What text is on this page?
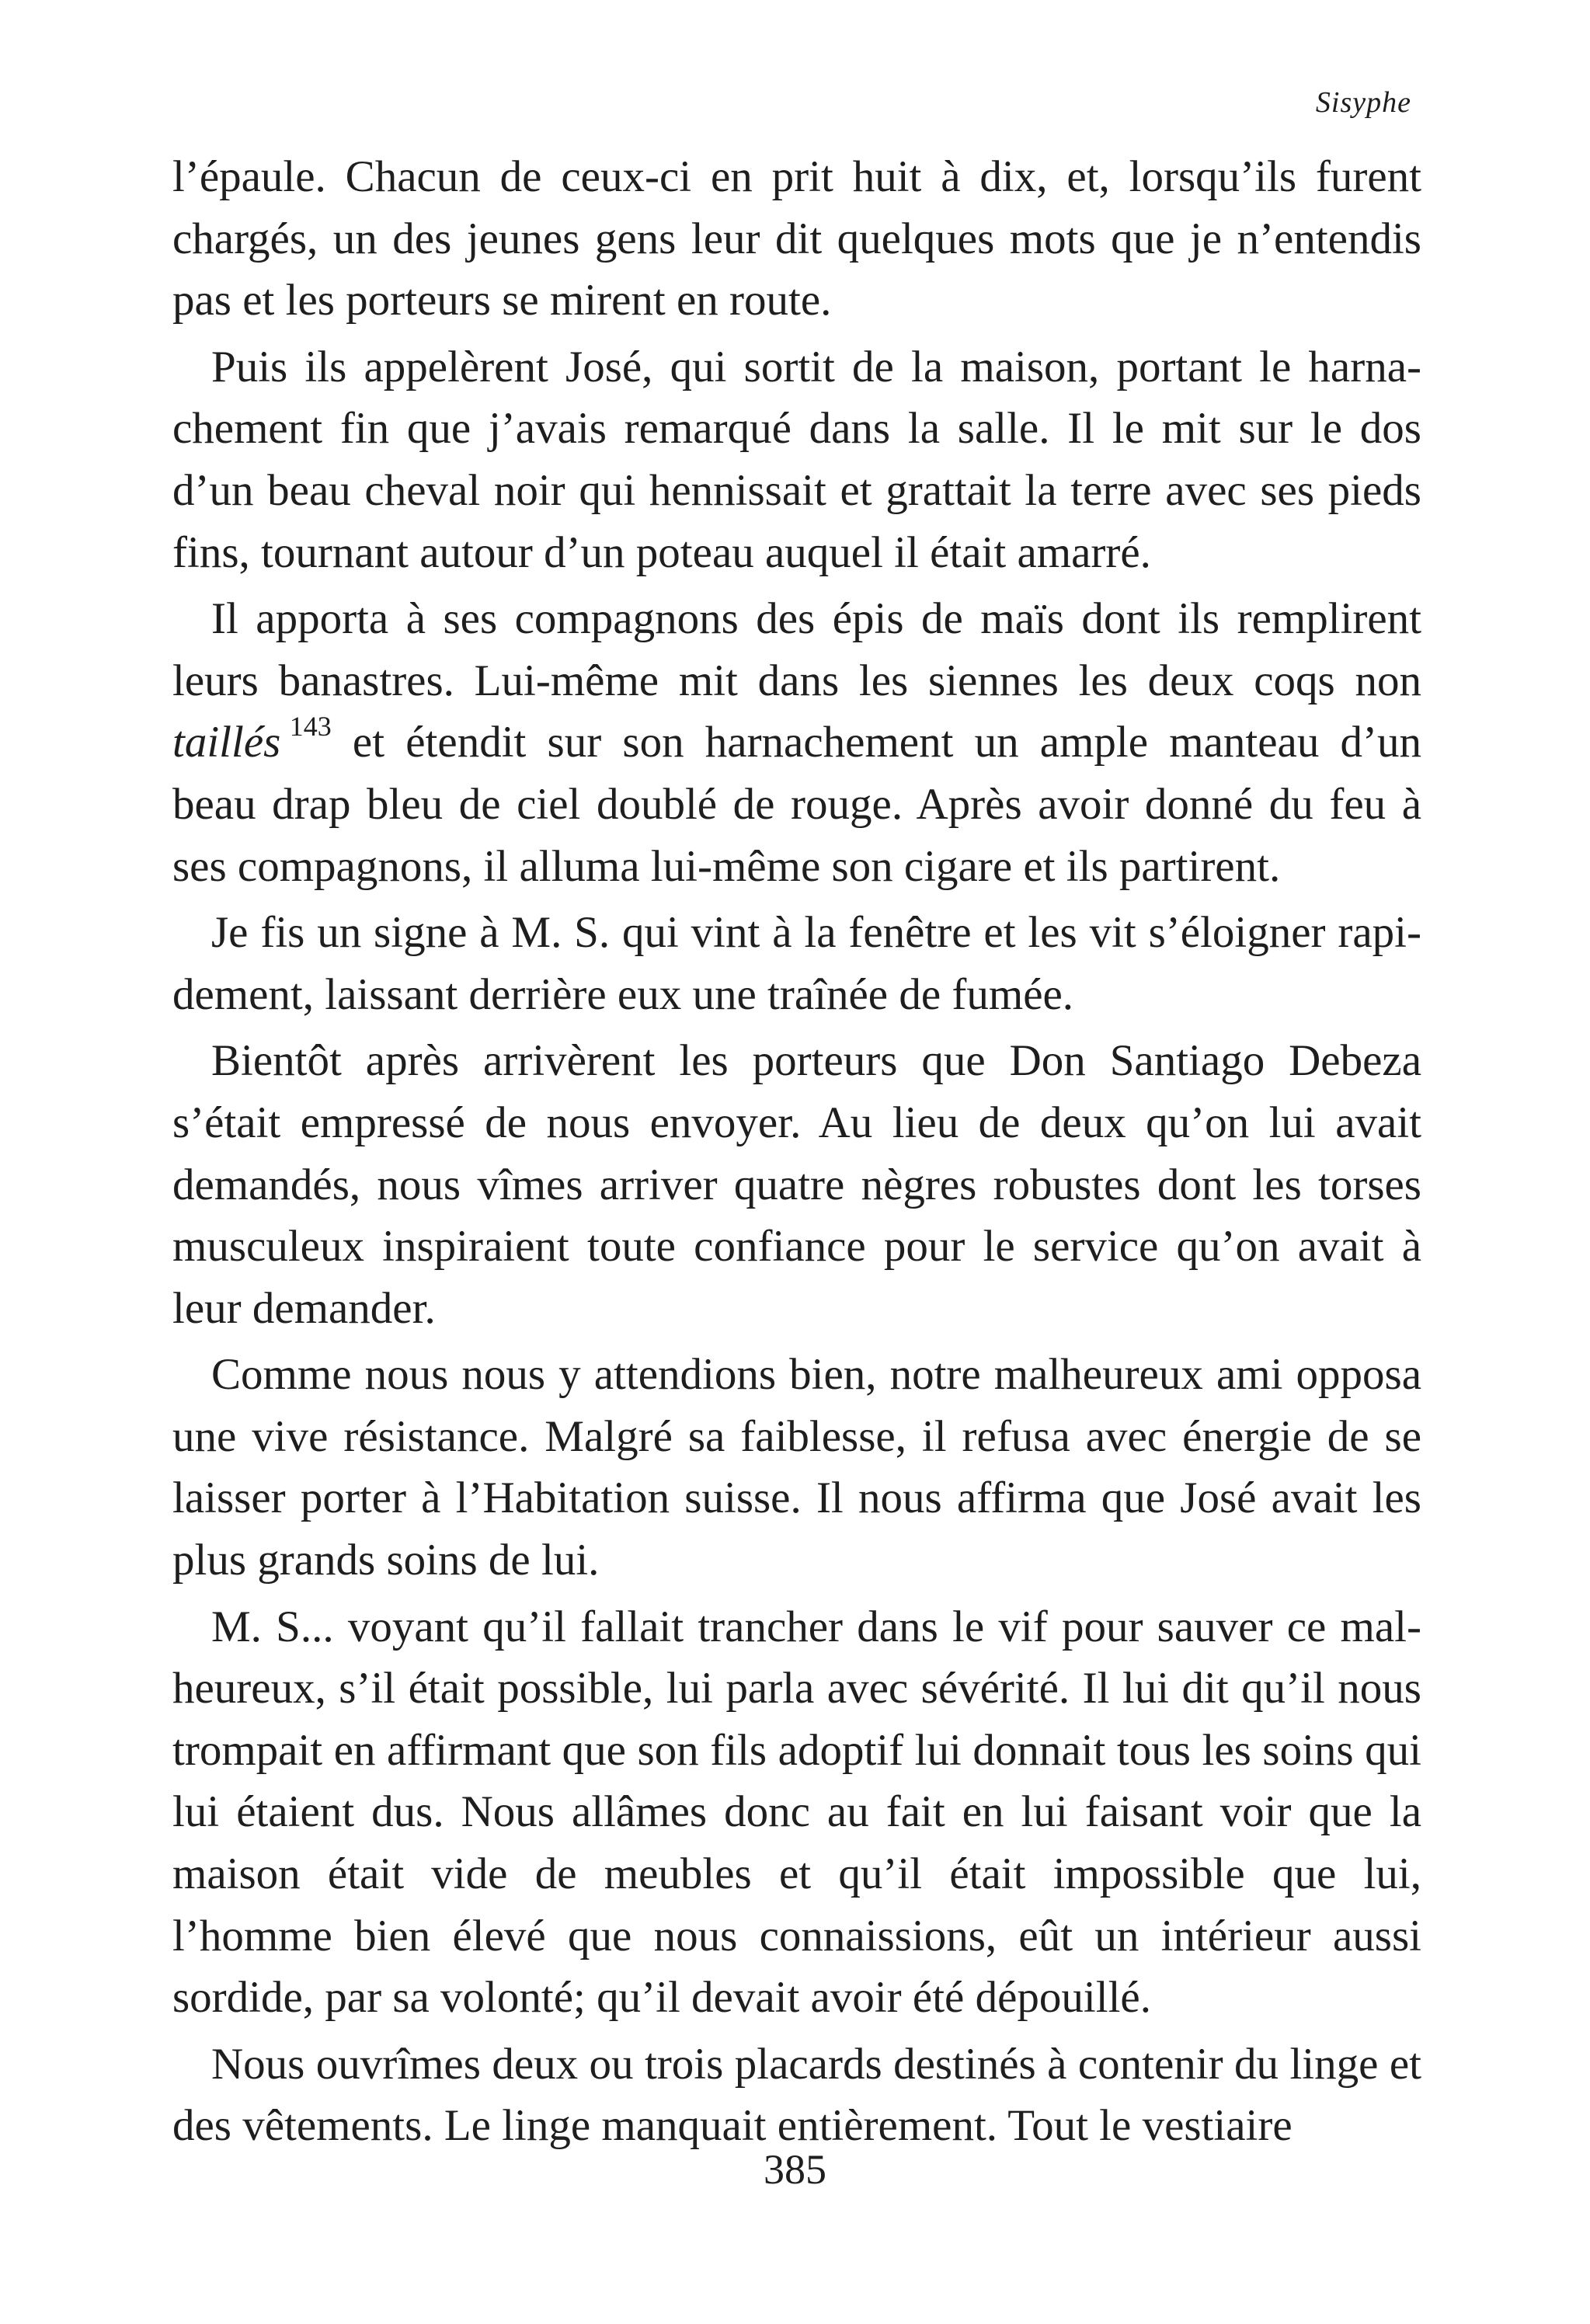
Sisyphe

l’épaule. Chacun de ceux-ci en prit huit à dix, et, lorsqu’ils furent chargés, un des jeunes gens leur dit quelques mots que je n’entendis pas et les porteurs se mirent en route.

Puis ils appelèrent José, qui sortit de la maison, portant le harnachement fin que j’avais remarqué dans la salle. Il le mit sur le dos d’un beau cheval noir qui hennissait et grattait la terre avec ses pieds fins, tournant autour d’un poteau auquel il était amarré.

Il apporta à ses compagnons des épis de maïs dont ils remplirent leurs banastres. Lui-même mit dans les siennes les deux coqs non taillés  $^{143}$ et étendit sur son harnachement un ample manteau d’un beau drap bleu de ciel doublé de rouge. Après avoir donné du feu à ses compagnons, il alluma lui-même son cigare et ils partirent.

Je fis un signe à M. S. qui vint à la fenêtre et les vit s’éloigner rapidement, laissant derrière eux une traînée de fumée.

Bientôt après arrivèrent les porteurs que Don Santiago Debeza s’était empressé de nous envoyer. Au lieu de deux qu’on lui avait demandés, nous vîmes arriver quatre nègres robustes dont les torses musculeux inspiraient toute confiance pour le service qu’on avait à leur demander.

Comme nous nous y attendions bien, notre malheureux ami opposa une vive résistance. Malgré sa faiblesse, il refusa avec énergie de se laisser porter à l’Habitation suisse. Il nous affirma que José avait les plus grands soins de lui.

M. S... voyant qu’il fallait trancher dans le vif pour sauver ce malheureux, s’il était possible, lui parla avec sévérité. Il lui dit qu’il nous trompait en affirmant que son fils adoptif lui donnait tous les soins qui lui étaient dus. Nous allâmes donc au fait en lui faisant voir que la maison était vide de meubles et qu’il était impossible que lui, l’homme bien élevé que nous connaissions, eût un intérieur aussi sordide, par sa volonté; qu’il devait avoir été dépouillé.

Nous ouvrîmes deux ou trois placards destinés à contenir du linge et des vêtements. Le linge manquait entièrement. Tout le vestiaire

385
